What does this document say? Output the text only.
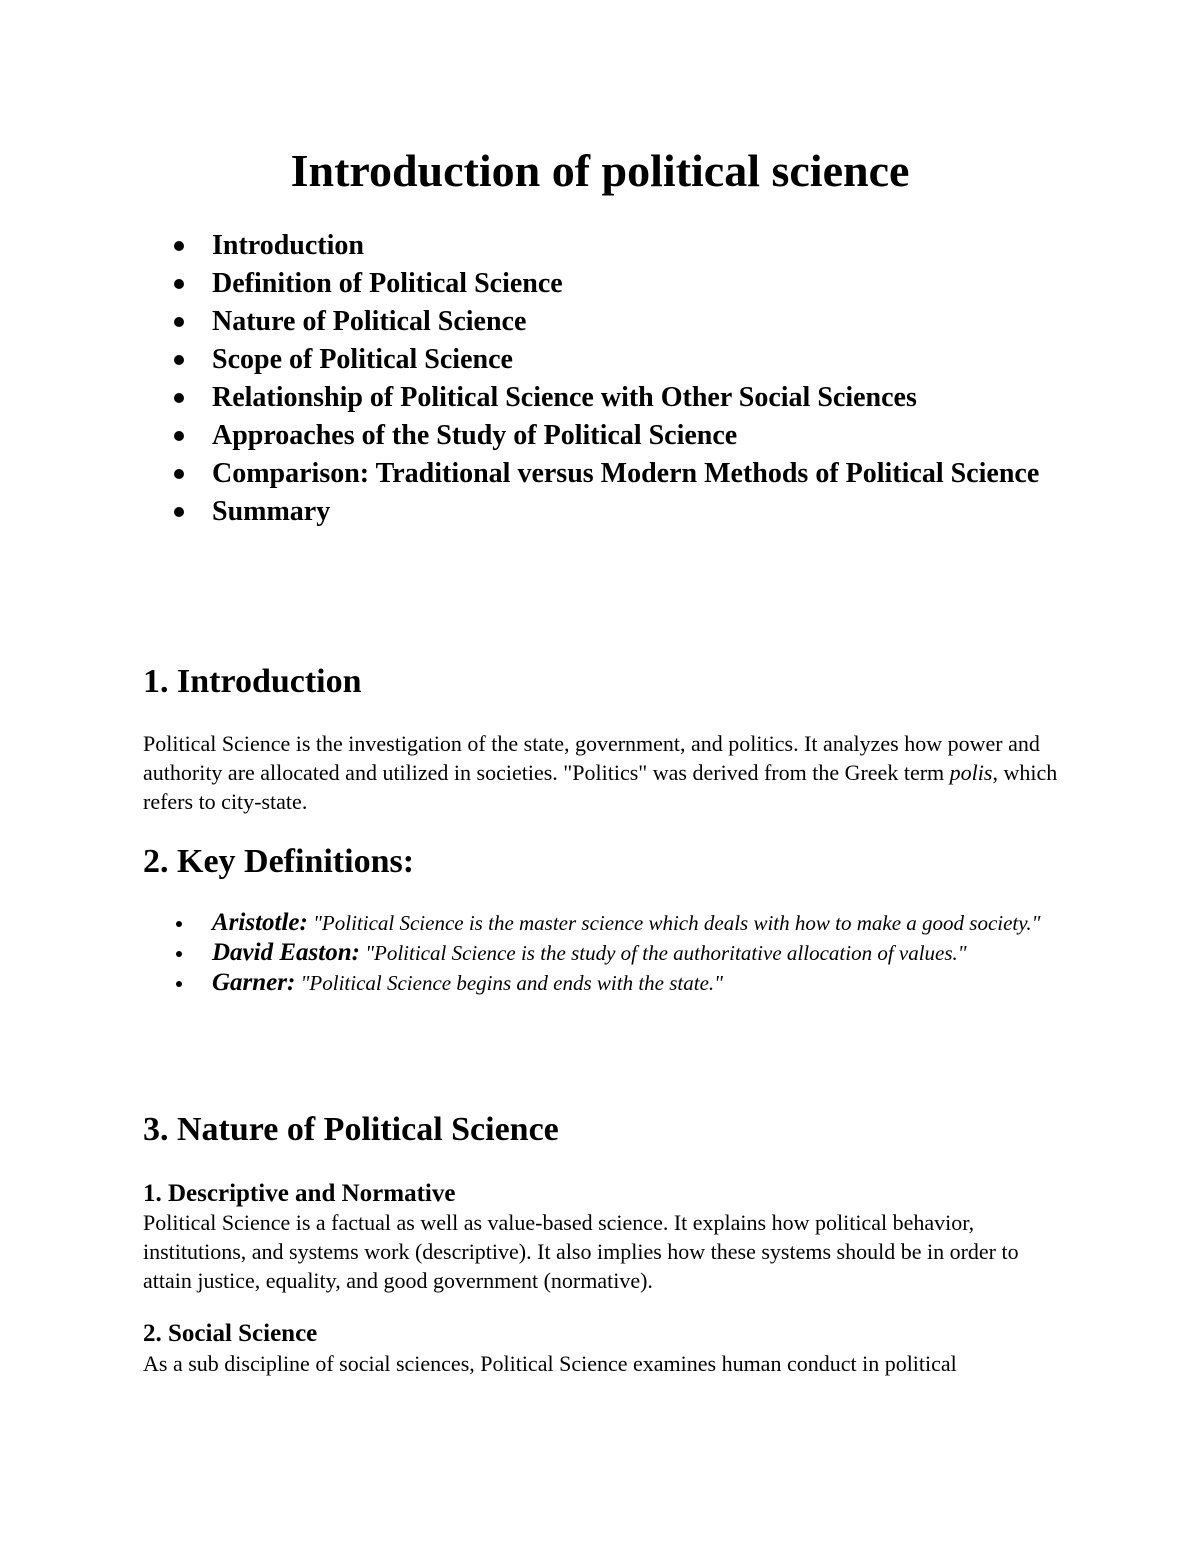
Introduction of political science
Introduction
Definition of Political Science
Nature of Political Science
Scope of Political Science
Relationship of Political Science with Other Social Sciences
Approaches of the Study of Political Science
Comparison: Traditional versus Modern Methods of Political Science
Summary
1. Introduction

Political Science is the investigation of the state, government, and politics. It analyzes how power and authority are allocated and utilized in societies. "Politics" was derived from the Greek term polis, which refers to city-state.

2. Key Definitions:
Aristotle: "Political Science is the master science which deals with how to make a good society."
David Easton: "Political Science is the study of the authoritative allocation of values."
Garner: "Political Science begins and ends with the state."
3. Nature of Political Science
1. Descriptive and Normative

Political Science is a factual as well as value-based science. It explains how political behavior, institutions, and systems work (descriptive). It also implies how these systems should be in order to attain justice, equality, and good government (normative).

2. Social Science

As a sub discipline of social sciences, Political Science examines human conduct in political
